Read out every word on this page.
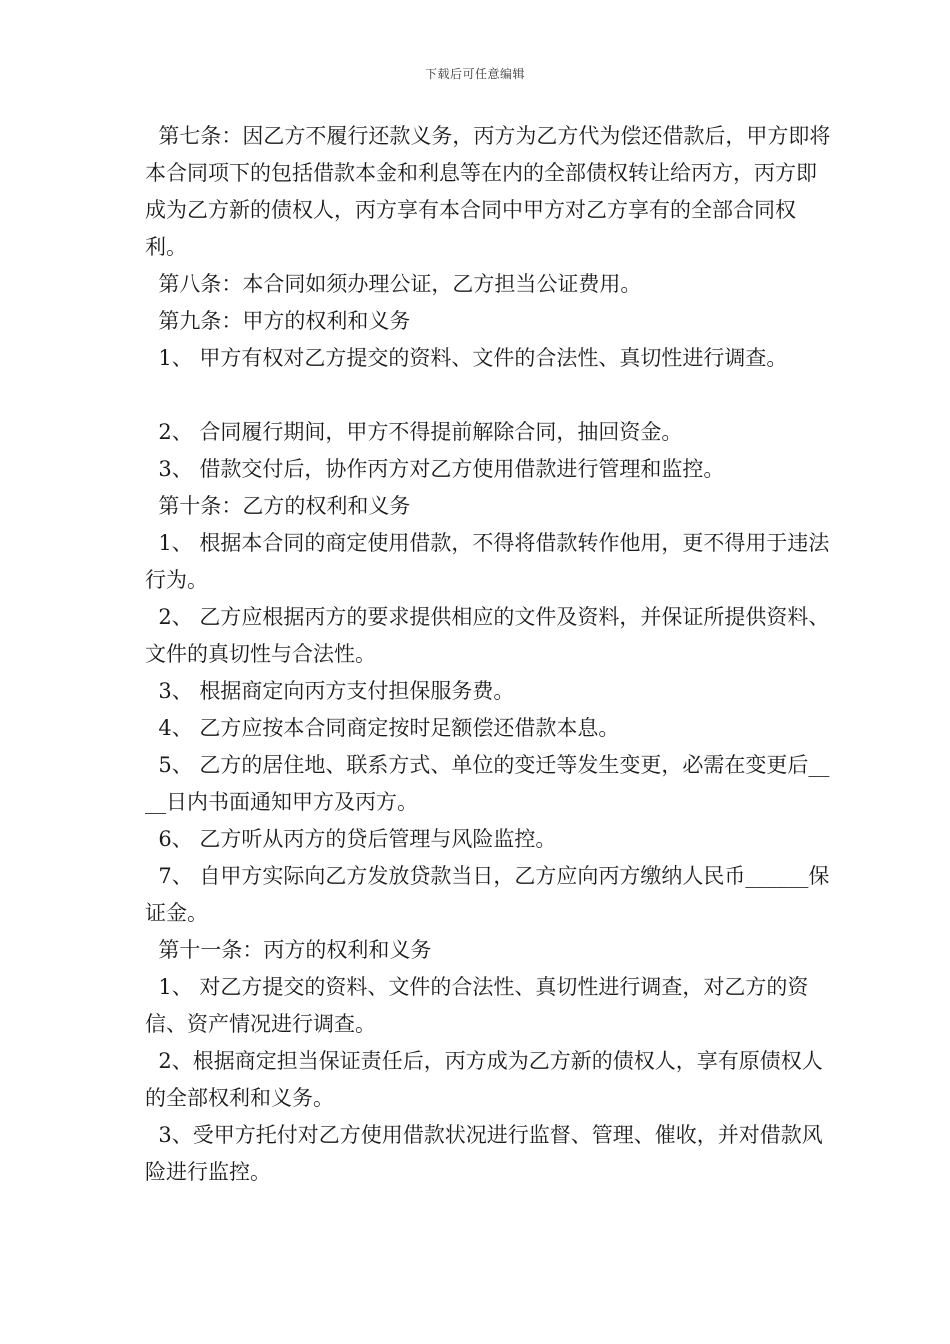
下载后可任意编辑

第七条：因乙方不履行还款义务，丙方为乙方代为偿还借款后，甲方即将本合同项下的包括借款本金和利息等在内的全部债权转让给丙方，丙方即成为乙方新的债权人，丙方享有本合同中甲方对乙方享有的全部合同权利。

第八条：本合同如须办理公证，乙方担当公证费用。

第九条：甲方的权利和义务

1、 甲方有权对乙方提交的资料、文件的合法性、真切性进行调查。

2、 合同履行期间，甲方不得提前解除合同，抽回资金。

3、 借款交付后，协作丙方对乙方使用借款进行管理和监控。

第十条：乙方的权利和义务

1、 根据本合同的商定使用借款，不得将借款转作他用，更不得用于违法行为。

2、 乙方应根据丙方的要求提供相应的文件及资料，并保证所提供资料、文件的真切性与合法性。

3、 根据商定向丙方支付担保服务费。

4、 乙方应按本合同商定按时足额偿还借款本息。

5、 乙方的居住地、联系方式、单位的变迁等发生变更，必需在变更后____日内书面通知甲方及丙方。

6、 乙方听从丙方的贷后管理与风险监控。

7、 自甲方实际向乙方发放贷款当日，乙方应向丙方缴纳人民币______保证金。

第十一条：丙方的权利和义务

1、 对乙方提交的资料、文件的合法性、真切性进行调查，对乙方的资信、资产情况进行调查。

2、根据商定担当保证责任后，丙方成为乙方新的债权人，享有原债权人的全部权利和义务。

3、受甲方托付对乙方使用借款状况进行监督、管理、催收，并对借款风险进行监控。
